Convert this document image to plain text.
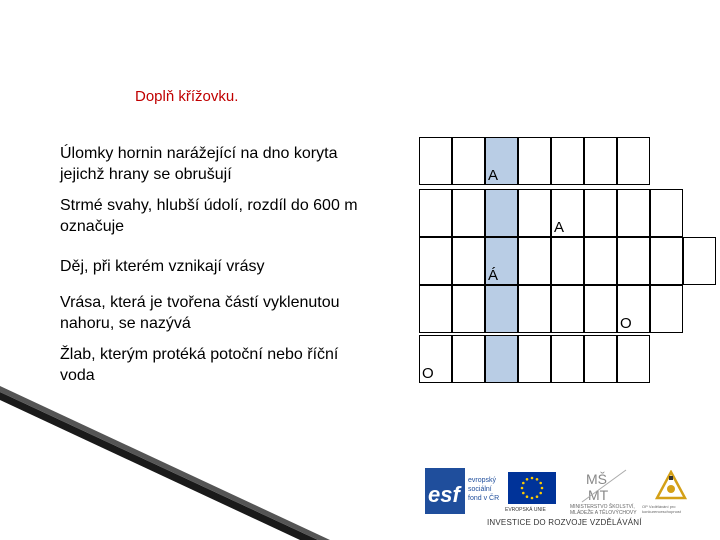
Doplň křížovku.
Úlomky hornin narážející na dno koryta
jejichž hrany se obrušují
Strmé svahy, hlubší údolí, rozdíl do 600 m
označuje
Děj, při kterém vznikají vrásy
Vrása, která je tvořena částí vyklenutou
nahoru, se nazývá
Žlab, kterým protéká potoční nebo říční
voda
A
A
Á
O
O
esf
evropský
sociální
fond v ČR
EVROPSKÁ UNIE
MŠ
MT
MINISTERSTVO ŠKOLSTVÍ, MLÁDEŽE A TĚLOVÝCHOVY
OP Vzdělávání pro konkurenceschopnost
INVESTICE DO ROZVOJE VZDĚLÁVÁNÍ
